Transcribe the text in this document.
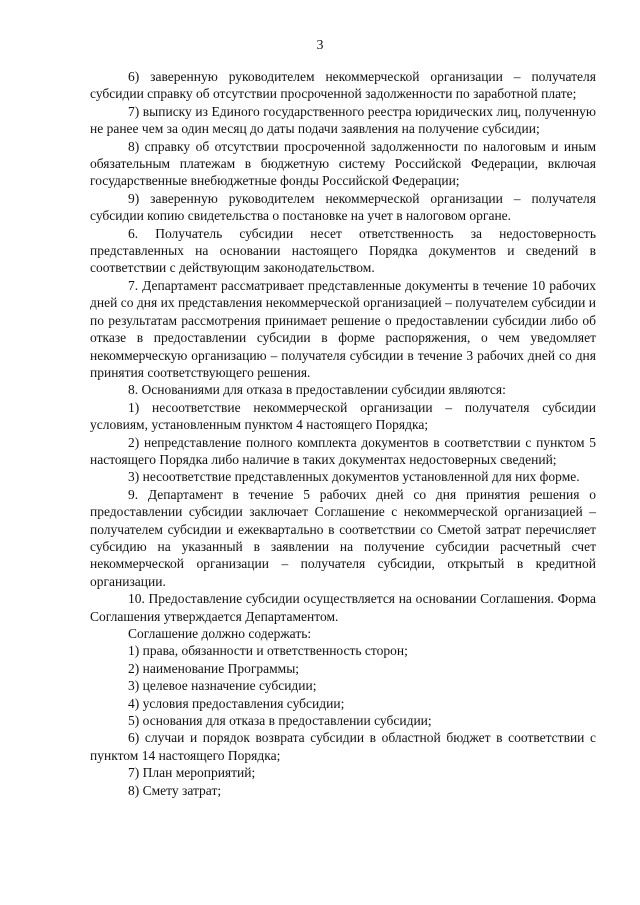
3

6) заверенную руководителем некоммерческой организации – получателя субсидии справку об отсутствии просроченной задолженности по заработной плате;

7) выписку из Единого государственного реестра юридических лиц, полученную не ранее чем за один месяц до даты подачи заявления на получение субсидии;

8) справку об отсутствии просроченной задолженности по налоговым и иным обязательным платежам в бюджетную систему Российской Федерации, включая государственные внебюджетные фонды Российской Федерации;

9) заверенную руководителем некоммерческой организации – получателя субсидии копию свидетельства о постановке на учет в налоговом органе.

6. Получатель субсидии несет ответственность за недостоверность представленных на основании настоящего Порядка документов и сведений в соответствии с действующим законодательством.

7. Департамент рассматривает представленные документы в течение 10 рабочих дней со дня их представления некоммерческой организацией – получателем субсидии и по результатам рассмотрения принимает решение о предоставлении субсидии либо об отказе в предоставлении субсидии в форме распоряжения, о чем уведомляет некоммерческую организацию – получателя субсидии в течение 3 рабочих дней со дня принятия соответствующего решения.

8. Основаниями для отказа в предоставлении субсидии являются:

1) несоответствие некоммерческой организации – получателя субсидии условиям, установленным пунктом 4 настоящего Порядка;

2) непредставление полного комплекта документов в соответствии с пунктом 5 настоящего Порядка либо наличие в таких документах недостоверных сведений;

3) несоответствие представленных документов установленной для них форме.

9. Департамент в течение 5 рабочих дней со дня принятия решения о предоставлении субсидии заключает Соглашение с некоммерческой организацией – получателем субсидии и ежеквартально в соответствии со Сметой затрат перечисляет субсидию на указанный в заявлении на получение субсидии расчетный счет некоммерческой организации – получателя субсидии, открытый в кредитной организации.

10. Предоставление субсидии осуществляется на основании Соглашения. Форма Соглашения утверждается Департаментом.

Соглашение должно содержать:

1) права, обязанности и ответственность сторон;

2) наименование Программы;

3) целевое назначение субсидии;

4) условия предоставления субсидии;

5) основания для отказа в предоставлении субсидии;

6) случаи и порядок возврата субсидии в областной бюджет в соответствии с пунктом 14 настоящего Порядка;

7) План мероприятий;

8) Смету затрат;
